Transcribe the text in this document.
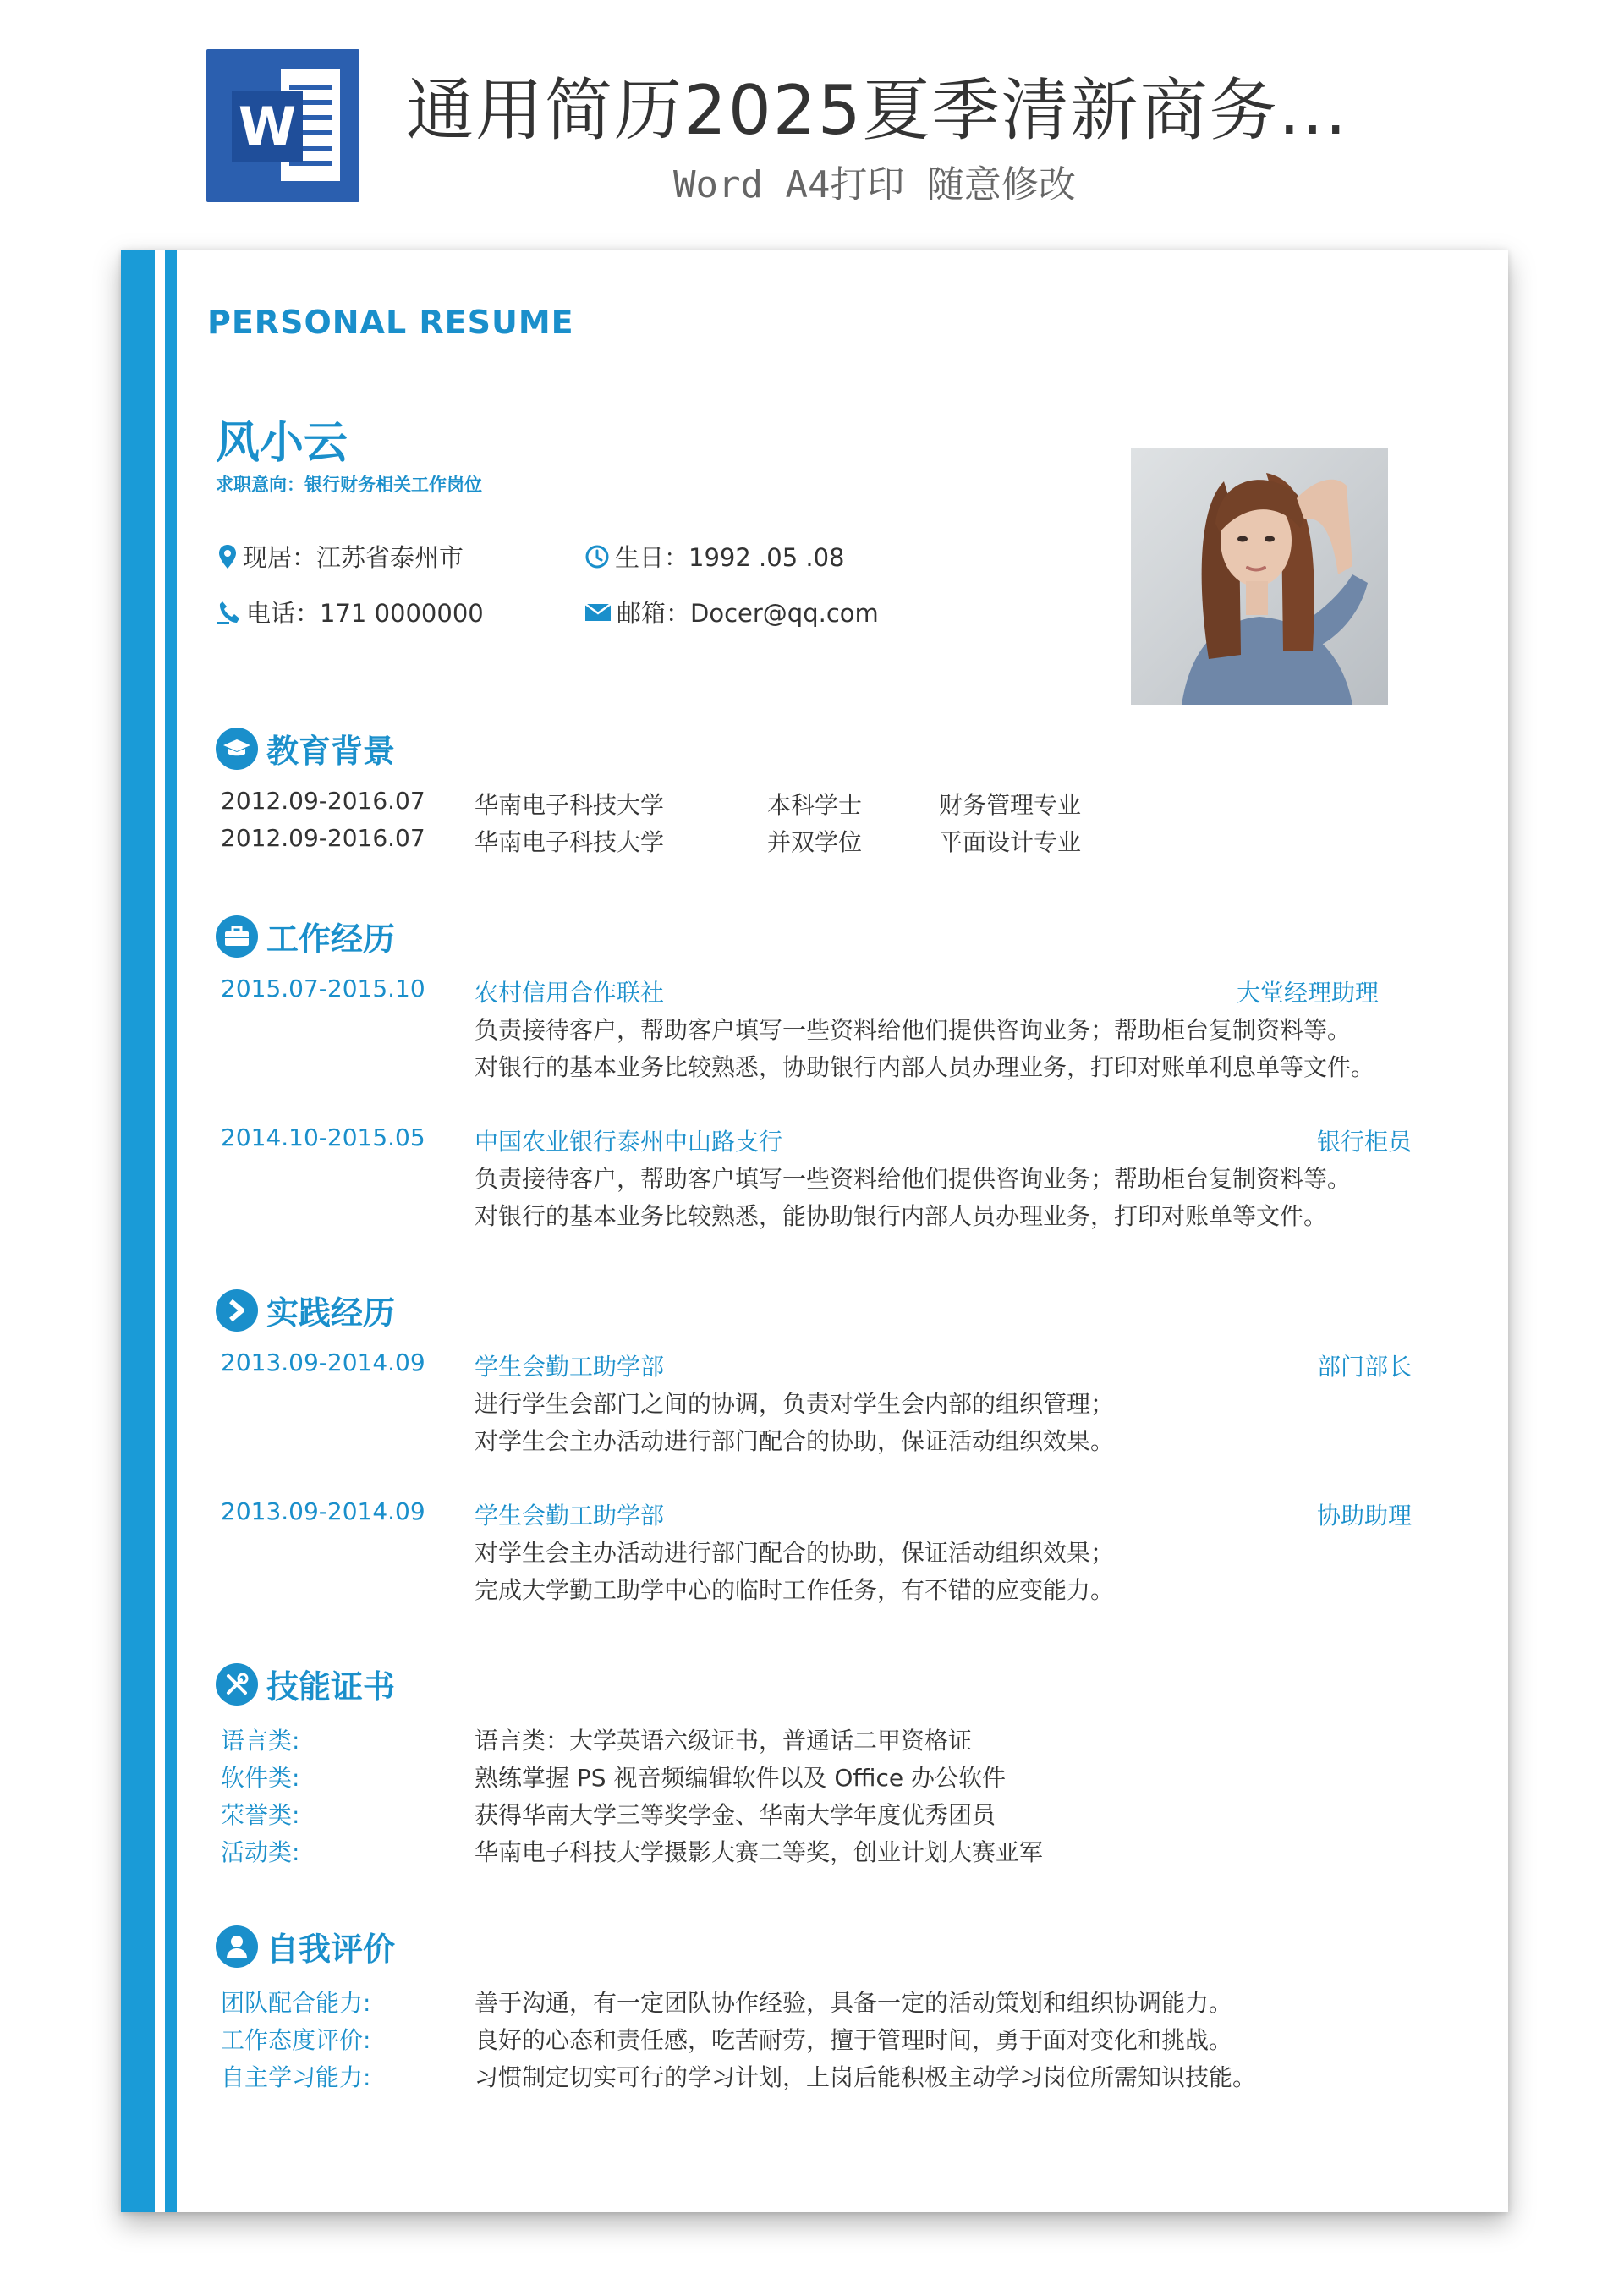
W 通用简历2025夏季清新商务...
Word A4打印 随意修改
PERSONAL RESUME
风小云
求职意向：银行财务相关工作岗位
现居：江苏省泰州市	生日：1992 .05 .08
电话：171 0000000	邮箱：Docer@qq.com
教育背景
2012.09-2016.07 华南电子科技大学	本科学士	财务管理专业
2012.09-2016.07 华南电子科技大学	并双学位	平面设计专业
工作经历
2015.07-2015.10 农村信用合作联社	大堂经理助理
负责接待客户，帮助客户填写一些资料给他们提供咨询业务；帮助柜台复制资料等。
对银行的基本业务比较熟悉，协助银行内部人员办理业务，打印对账单利息单等文件。
2014.10-2015.05 中国农业银行泰州中山路支行	银行柜员
负责接待客户，帮助客户填写一些资料给他们提供咨询业务；帮助柜台复制资料等。
对银行的基本业务比较熟悉，能协助银行内部人员办理业务，打印对账单等文件。
实践经历
2013.09-2014.09 学生会勤工助学部	部门部长
进行学生会部门之间的协调，负责对学生会内部的组织管理；
对学生会主办活动进行部门配合的协助，保证活动组织效果。
2013.09-2014.09 学生会勤工助学部	协助助理
对学生会主办活动进行部门配合的协助，保证活动组织效果；
完成大学勤工助学中心的临时工作任务，有不错的应变能力。
技能证书
语言类:	语言类：大学英语六级证书，普通话二甲资格证
软件类:	熟练掌握 PS 视音频编辑软件以及 Office 办公软件
荣誉类:	获得华南大学三等奖学金、华南大学年度优秀团员
活动类:	华南电子科技大学摄影大赛二等奖，创业计划大赛亚军
自我评价
团队配合能力:	善于沟通，有一定团队协作经验，具备一定的活动策划和组织协调能力。
工作态度评价:	良好的心态和责任感，吃苦耐劳，擅于管理时间，勇于面对变化和挑战。
自主学习能力:	习惯制定切实可行的学习计划，上岗后能积极主动学习岗位所需知识技能。
